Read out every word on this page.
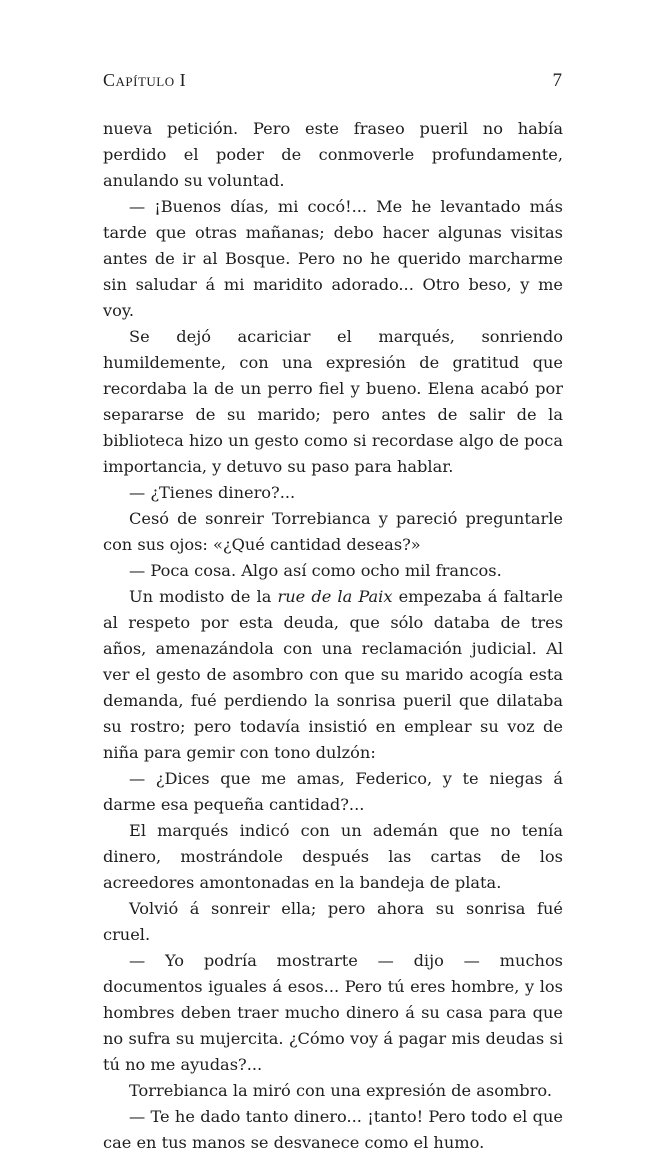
Capítulo I	7

nueva petición. Pero este fraseo pueril no había perdido el poder de conmoverle profundamente, anulando su voluntad.

— ¡Buenos días, mi cocó!... Me he levantado más tarde que otras mañanas; debo hacer algunas visitas antes de ir al Bosque. Pero no he querido marcharme sin saludar á mi maridito adorado... Otro beso, y me voy.

Se dejó acariciar el marqués, sonriendo humildemente, con una expresión de gratitud que recordaba la de un perro fiel y bueno. Elena acabó por separarse de su marido; pero antes de salir de la biblioteca hizo un gesto como si recordase algo de poca importancia, y detuvo su paso para hablar.

— ¿Tienes dinero?...

Cesó de sonreir Torrebianca y pareció preguntarle con sus ojos: «¿Qué cantidad deseas?»

— Poca cosa. Algo así como ocho mil francos.

Un modisto de la rue de la Paix empezaba á faltarle al respeto por esta deuda, que sólo databa de tres años, amenazándola con una reclamación judicial. Al ver el gesto de asombro con que su marido acogía esta demanda, fué perdiendo la sonrisa pueril que dilataba su rostro; pero todavía insistió en emplear su voz de niña para gemir con tono dulzón:

— ¿Dices que me amas, Federico, y te niegas á darme esa pequeña cantidad?...

El marqués indicó con un ademán que no tenía dinero, mostrándole después las cartas de los acreedores amontonadas en la bandeja de plata.

Volvió á sonreir ella; pero ahora su sonrisa fué cruel.

— Yo podría mostrarte — dijo — muchos documentos iguales á esos... Pero tú eres hombre, y los hombres deben traer mucho dinero á su casa para que no sufra su mujercita. ¿Cómo voy á pagar mis deudas si tú no me ayudas?...

Torrebianca la miró con una expresión de asombro.

— Te he dado tanto dinero... ¡tanto! Pero todo el que cae en tus manos se desvanece como el humo.
